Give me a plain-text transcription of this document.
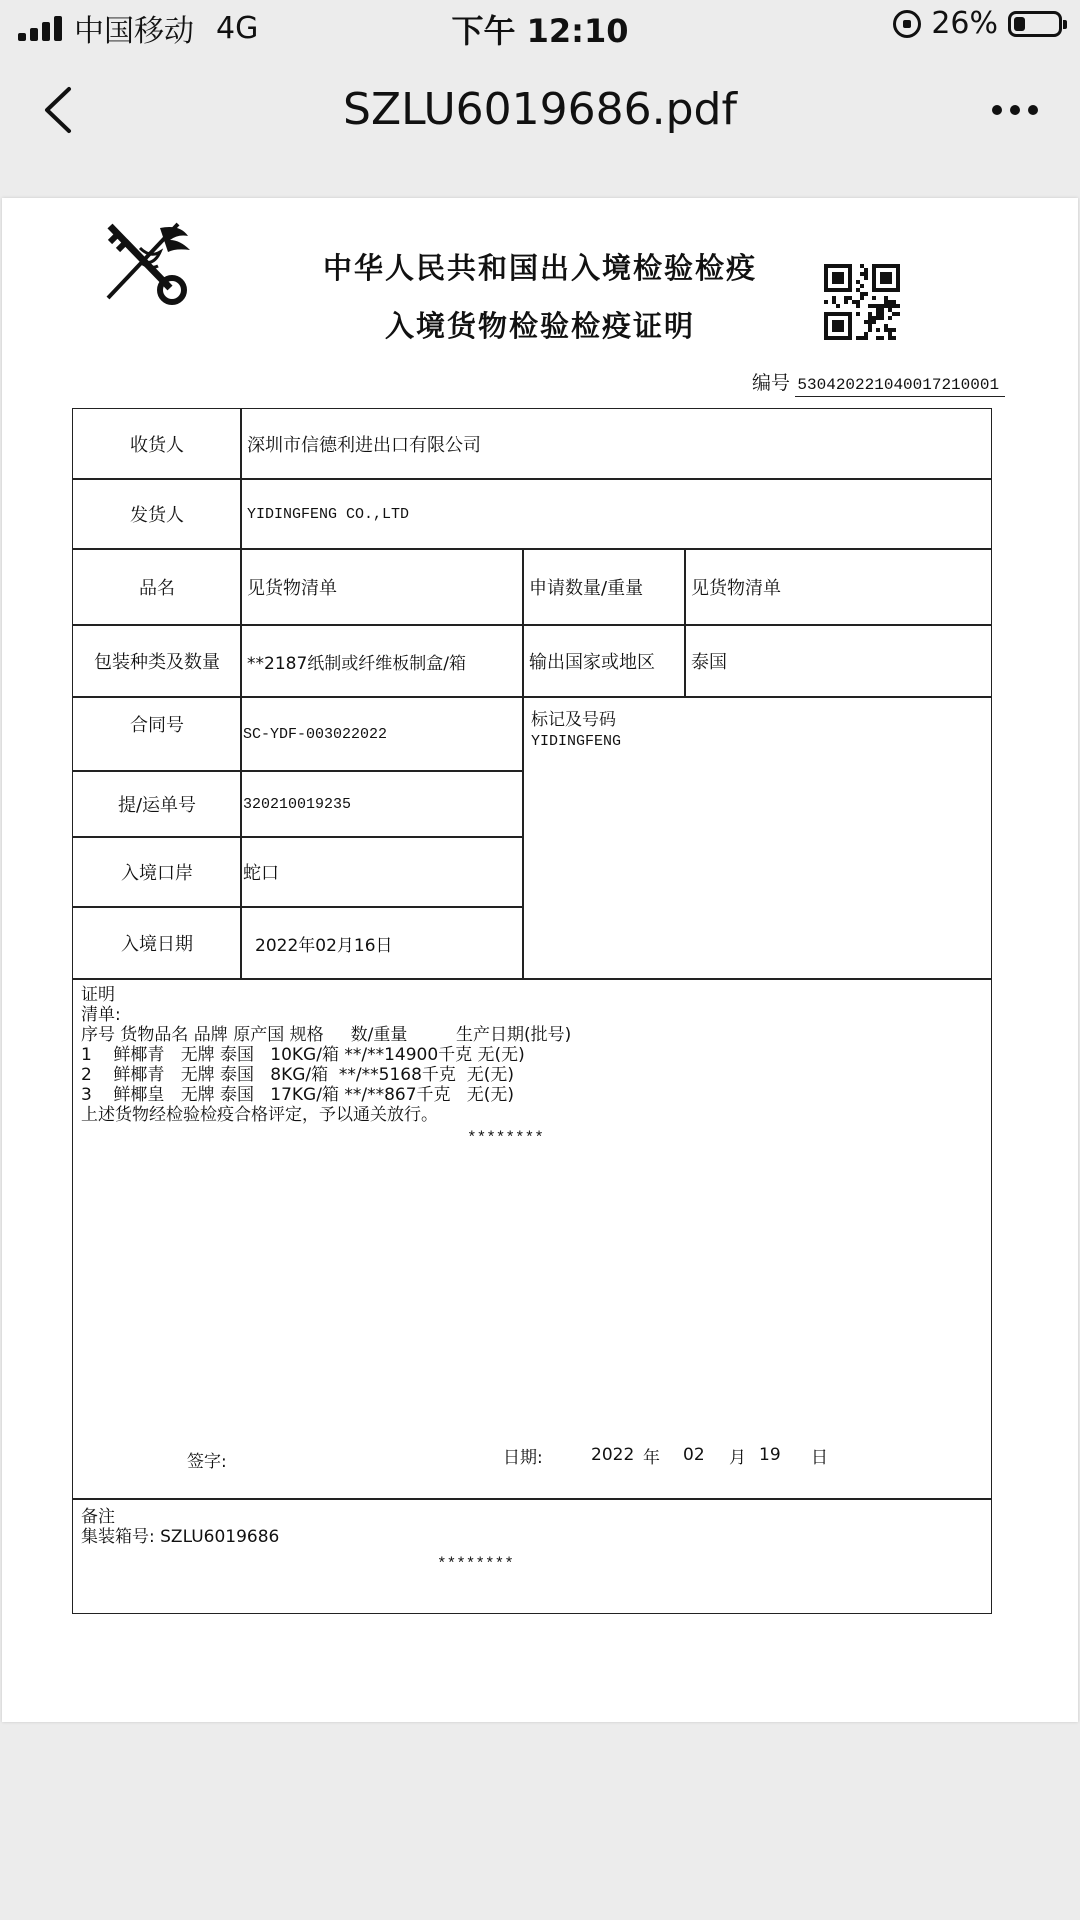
中国移动 4G	下午 12:10	26%
SZLU6019686.pdf
中华人民共和国出入境检验检疫
入境货物检验检疫证明
编号 530420221040017210001
收货人	深圳市信德利进出口有限公司
发货人	YIDINGFENG CO.,LTD
品名	见货物清单	申请数量/重量	见货物清单
包装种类及数量	**2187纸制或纤维板制盒/箱	输出国家或地区	泰国
合同号	SC-YDF-003022022
标记及号码
YIDINGFENG
提/运单号	320210019235
入境口岸	蛇口
入境日期	2022年02月16日
证明
清单:
序号 货物品名 品牌 原产国 规格     数/重量         生产日期(批号)
1    鲜椰青   无牌 泰国   10KG/箱 **/**14900千克 无(无)
2    鲜椰青   无牌 泰国   8KG/箱  **/**5168千克  无(无)
3    鲜椰皇   无牌 泰国   17KG/箱 **/**867千克   无(无)
上述货物经检验检疫合格评定，予以通关放行。
********
签字:	日期:	2022 年 02 月 19 日
备注
集装箱号: SZLU6019686
********
